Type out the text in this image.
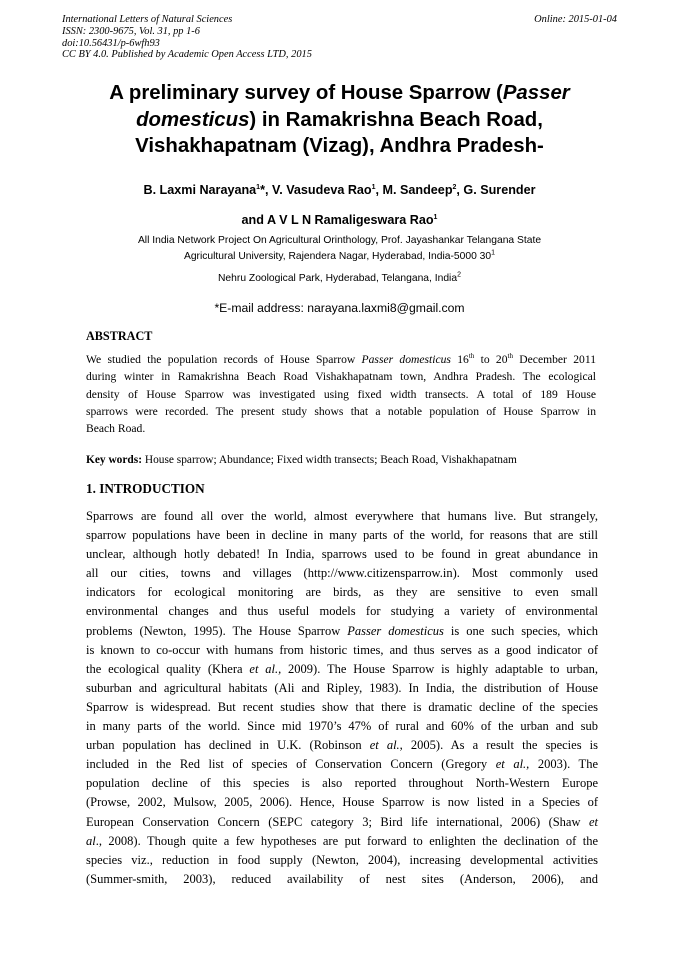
International Letters of Natural Sciences
ISSN: 2300-9675, Vol. 31, pp 1-6
doi:10.56431/p-6wfh93
CC BY 4.0. Published by Academic Open Access LTD, 2015
Online: 2015-01-04
A preliminary survey of House Sparrow (Passer
domesticus) in Ramakrishna Beach Road,
Vishakhapatnam (Vizag), Andhra Pradesh-
B. Laxmi Narayana$^1$*, V. Vasudeva Rao$^1$, M. Sandeep$^2$, G. Surender
and A V L N Ramaligeswara Rao$^1$
All India Network Project On Agricultural Orinthology, Prof. Jayashankar Telangana State
Agricultural University, Rajendera Nagar, Hyderabad, India-5000 $30^1$
Nehru Zoological Park, Hyderabad, Telangana, India$^2$
*E-mail address: narayana.laxmi8@gmail.com
ABSTRACT
We studied the population records of House Sparrow Passer domesticus 16th to 20th December 2011
during winter in Ramakrishna Beach Road Vishakhapatnam town, Andhra Pradesh. The ecological
density of House Sparrow was investigated using fixed width transects. A total of 189 House
sparrows were recorded. The present study shows that a notable population of House Sparrow in
Beach Road.
Key words: House sparrow; Abundance; Fixed width transects; Beach Road, Vishakhapatnam
1. INTRODUCTION
Sparrows are found all over the world, almost everywhere that humans live. But strangely,
sparrow populations have been in decline in many parts of the world, for reasons that are still
unclear, although hotly debated! In India, sparrows used to be found in great abundance in
all our cities, towns and villages (http://www.citizensparrow.in). Most commonly used
indicators for ecological monitoring are birds, as they are sensitive to even small
environmental changes and thus useful models for studying a variety of environmental
problems (Newton, 1995). The House Sparrow Passer domesticus is one such species, which
is known to co-occur with humans from historic times, and thus serves as a good indicator of
the ecological quality (Khera et al., 2009). The House Sparrow is highly adaptable to urban,
suburban and agricultural habitats (Ali and Ripley, 1983). In India, the distribution of House
Sparrow is widespread. But recent studies show that there is dramatic decline of the species
in many parts of the world. Since mid 1970’s 47% of rural and 60% of the urban and sub
urban population has declined in U.K. (Robinson et al., 2005). As a result the species is
included in the Red list of species of Conservation Concern (Gregory et al., 2003). The
population decline of this species is also reported throughout North-Western Europe
(Prowse, 2002, Mulsow, 2005, 2006). Hence, House Sparrow is now listed in a Species of
European Conservation Concern (SEPC category 3; Bird life international, 2006) (Shaw et
al., 2008). Though quite a few hypotheses are put forward to enlighten the declination of the
species viz., reduction in food supply (Newton, 2004), increasing developmental activities
(Summer-smith, 2003), reduced availability of nest sites (Anderson, 2006), and
